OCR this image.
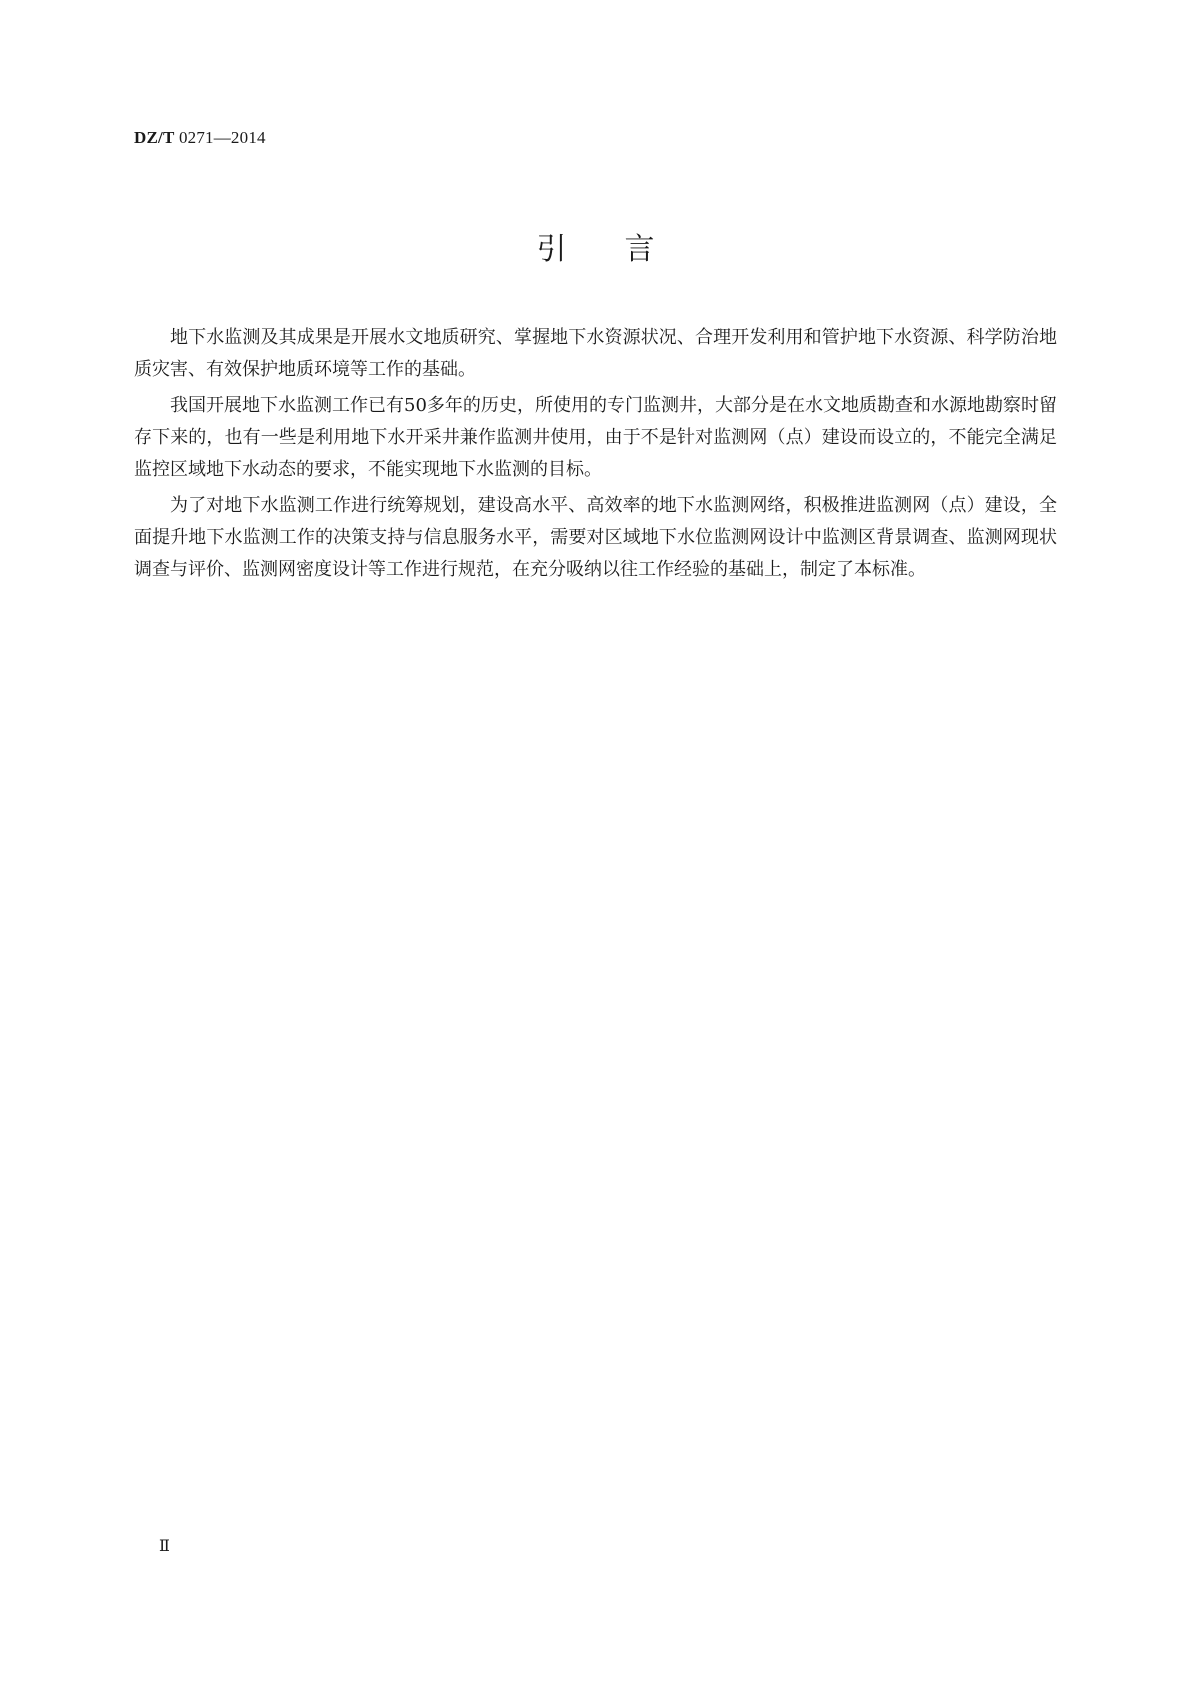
DZ/T 0271—2014
引言

地下水监测及其成果是开展水文地质研究、掌握地下水资源状况、合理开发利用和管护地下水资源、科学防治地质灾害、有效保护地质环境等工作的基础。

我国开展地下水监测工作已有50多年的历史，所使用的专门监测井，大部分是在水文地质勘查和水源地勘察时留存下来的，也有一些是利用地下水开采井兼作监测井使用，由于不是针对监测网（点）建设而设立的，不能完全满足监控区域地下水动态的要求，不能实现地下水监测的目标。

为了对地下水监测工作进行统筹规划，建设高水平、高效率的地下水监测网络，积极推进监测网（点）建设，全面提升地下水监测工作的决策支持与信息服务水平，需要对区域地下水位监测网设计中监测区背景调查、监测网现状调查与评价、监测网密度设计等工作进行规范，在充分吸纳以往工作经验的基础上，制定了本标准。

Ⅱ
